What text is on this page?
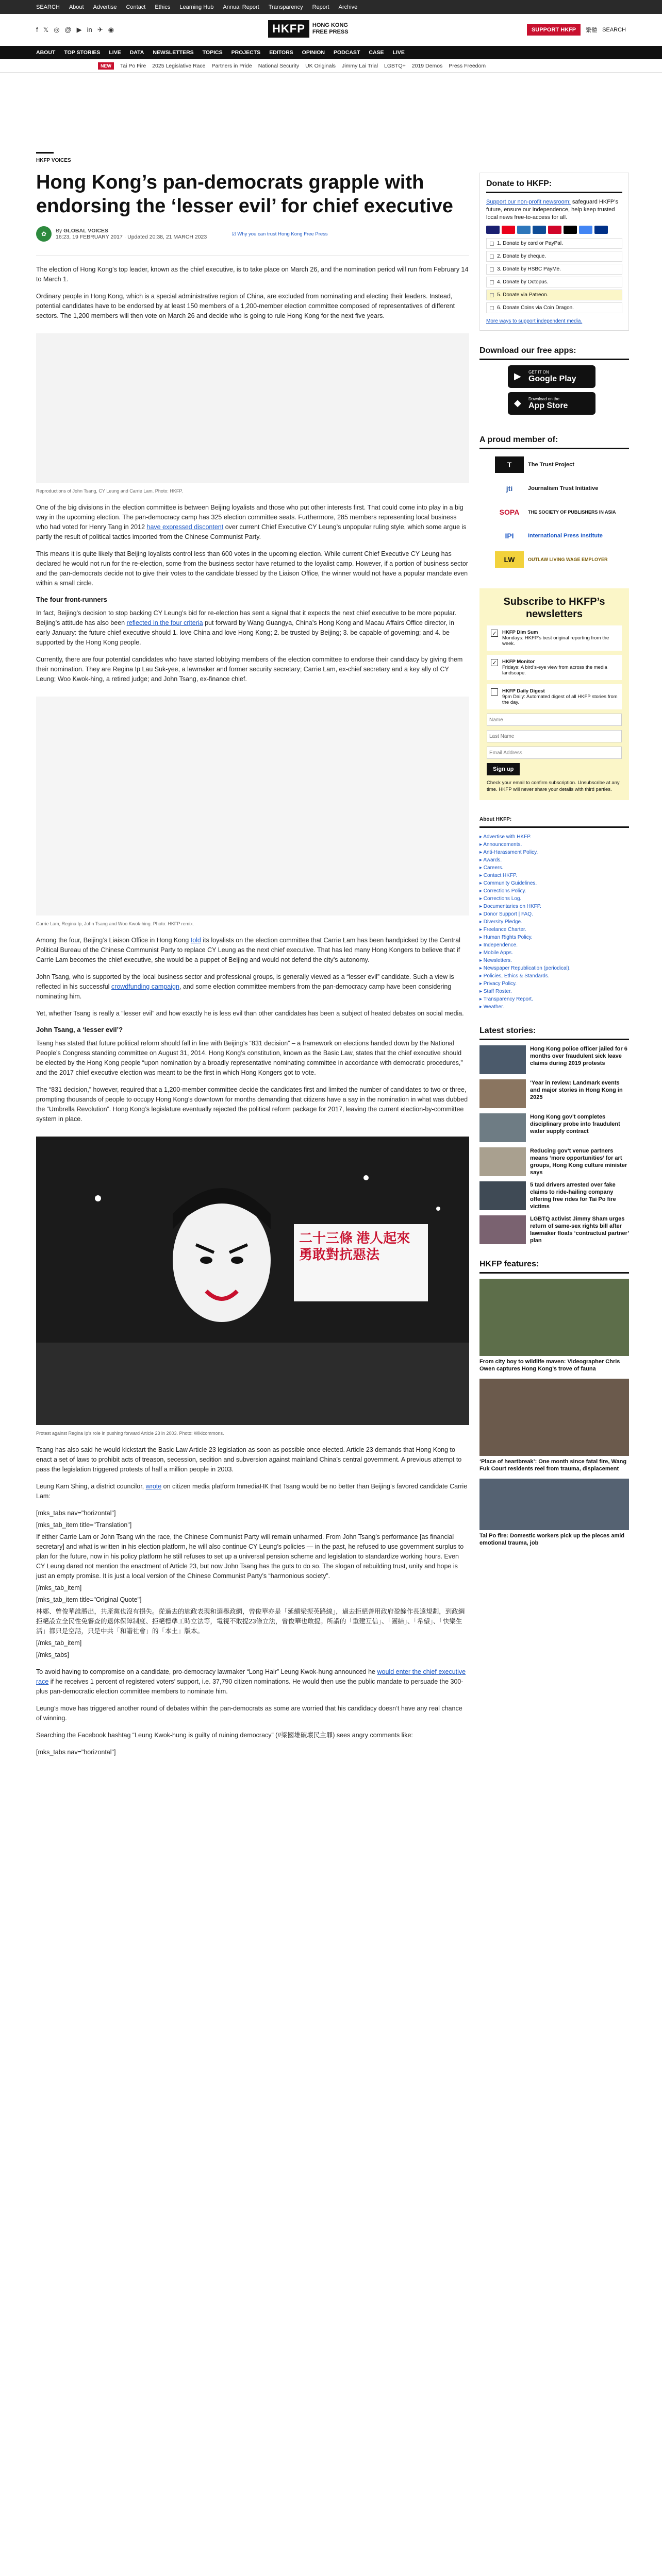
SEARCH About Advertise Contact Ethics Learning Hub Annual Report Transparency Report Archive
f 𝕏 ◎ @ ▶ in ✈ ◉	HKFP	HONG KONG
FREE PRESS	SUPPORT HKFP	繁體 SEARCH
ABOUT TOP STORIES LIVE DATA NEWSLETTERS TOPICS PROJECTS EDITORS OPINION PODCAST CASE LIVE
NEW	Tai Po Fire 2025 Legislative Race Partners in Pride National Security UK Originals Jimmy Lai Trial LGBTQ+ 2019 Demos Press Freedom
HKFP VOICES
Hong Kong’s pan-democrats grapple with endorsing the ‘lesser evil’ for chief executive
✿	By GLOBAL VOICES
16:23, 19 FEBRUARY 2017 · Updated 20:38, 21 MARCH 2023	☑ Why you can trust Hong Kong Free Press

The election of Hong Kong’s top leader, known as the chief executive, is to take place on March 26, and the nomination period will run from February 14 to March 1.

Ordinary people in Hong Kong, which is a special administrative region of China, are excluded from nominating and electing their leaders. Instead, potential candidates have to be endorsed by at least 150 members of a 1,200-member election committee composed of representatives of different sectors. The 1,200 members will then vote on March 26 and decide who is going to rule Hong Kong for the next five years.

Reproductions of John Tsang, CY Leung and Carrie Lam. Photo: HKFP.

One of the big divisions in the election committee is between Beijing loyalists and those who put other interests first. That could come into play in a big way in the upcoming election. The pan-democracy camp has 325 election committee seats. Furthermore, 285 members representing local business who had voted for Henry Tang in 2012 have expressed discontent over current Chief Executive CY Leung’s unpopular ruling style, which some argue is partly the result of political tactics imported from the Chinese Communist Party.

This means it is quite likely that Beijing loyalists control less than 600 votes in the upcoming election. While current Chief Executive CY Leung has declared he would not run for the re-election, some from the business sector have returned to the loyalist camp. However, if a portion of business sector and the pan-democrats decide not to give their votes to the candidate blessed by the Liaison Office, the winner would not have a popular mandate even within a small circle.

The four front-runners

In fact, Beijing’s decision to stop backing CY Leung’s bid for re-election has sent a signal that it expects the next chief executive to be more popular. Beijing’s attitude has also been reflected in the four criteria put forward by Wang Guangya, China’s Hong Kong and Macau Affairs Office director, in early January: the future chief executive should 1. love China and love Hong Kong; 2. be trusted by Beijing; 3. be capable of governing; and 4. be supported by the Hong Kong people.

Currently, there are four potential candidates who have started lobbying members of the election committee to endorse their candidacy by giving them their nomination. They are Regina Ip Lau Suk-yee, a lawmaker and former security secretary; Carrie Lam, ex-chief secretary and a key ally of CY Leung; Woo Kwok-hing, a retired judge; and John Tsang, ex-finance chief.

Carrie Lam, Regina Ip, John Tsang and Woo Kwok-hing. Photo: HKFP remix.

Among the four, Beijing’s Liaison Office in Hong Kong told its loyalists on the election committee that Carrie Lam has been handpicked by the Central Political Bureau of the Chinese Communist Party to replace CY Leung as the next chief executive. That has led many Hong Kongers to believe that if Carrie Lam becomes the chief executive, she would be a puppet of Beijing and would not defend the city’s autonomy.

John Tsang, who is supported by the local business sector and professional groups, is generally viewed as a “lesser evil” candidate. Such a view is reflected in his successful crowdfunding campaign, and some election committee members from the pan-democracy camp have been considering nominating him.

Yet, whether Tsang is really a “lesser evil” and how exactly he is less evil than other candidates has been a subject of heated debates on social media.

John Tsang, a ‘lesser evil’?

Tsang has stated that future political reform should fall in line with Beijing’s “831 decision” – a framework on elections handed down by the National People’s Congress standing committee on August 31, 2014. Hong Kong’s constitution, known as the Basic Law, states that the chief executive should be elected by the Hong Kong people “upon nomination by a broadly representative nominating committee in accordance with democratic procedures,” and the 2017 chief executive election was meant to be the first in which Hong Kongers got to vote.

The “831 decision,” however, required that a 1,200-member committee decide the candidates first and limited the number of candidates to two or three, prompting thousands of people to occupy Hong Kong’s downtown for months demanding that citizens have a say in the nomination in what was dubbed the “Umbrella Revolution”. Hong Kong’s legislature eventually rejected the political reform package for 2017, leaving the current election-by-committee system in place.

Protest against Regina Ip’s role in pushing forward Article 23 in 2003. Photo: Wikicommons.

Tsang has also said he would kickstart the Basic Law Article 23 legislation as soon as possible once elected. Article 23 demands that Hong Kong to enact a set of laws to prohibit acts of treason, secession, sedition and subversion against mainland China’s central government. A previous attempt to pass the legislation triggered protests of half a million people in 2003.

Leung Kam Shing, a district councilor, wrote on citizen media platform InmediaHK that Tsang would be no better than Beijing’s favored candidate Carrie Lam:

[mks_tabs nav="horizontal"]

[mks_tab_item title="Translation"]

If either Carrie Lam or John Tsang win the race, the Chinese Communist Party will remain unharmed. From John Tsang’s performance [as financial secretary] and what is written in his election platform, he will also continue CY Leung’s policies — in the past, he refused to use government surplus to plan for the future, now in his policy platform he still refuses to set up a universal pension scheme and legislation to standardize working hours. Even CY Leung dared not mention the enactment of Article 23, but now John Tsang has the guts to do so. The slogan of rebuilding trust, unity and hope is just an empty promise. It is just a local version of the Chinese Communist Party’s “harmonious society”.

[/mks_tab_item]

[mks_tab_item title="Original Quote"]

林鄭、曾俊華誰勝出，共產黨也沒有損失。從過去的施政表現和選舉政綱，曾俊華亦是「延續梁振英路線」，過去拒絕善用政府盈餘作長遠規劃，到政綱拒絕設立全民性免審查的退休保障制度、拒絕標準工時立法等，電視不敢提23條立法，曾俊華也敢提。所謂的「重建互信」、「團結」、「希望」、「快樂生活」都只是空話，只是中共「和諧社會」的「本土」版本。

[/mks_tab_item]

[/mks_tabs]

To avoid having to compromise on a candidate, pro-democracy lawmaker “Long Hair” Leung Kwok-hung announced he would enter the chief executive race if he receives 1 percent of registered voters’ support, i.e. 37,790 citizen nominations. He would then use the public mandate to persuade the 300-plus pan-democratic election committee members to nominate him.

Leung’s move has triggered another round of debates within the pan-democrats as some are worried that his candidacy doesn’t have any real chance of winning.

Searching the Facebook hashtag “Leung Kwok-hung is guilty of ruining democracy” (#梁國雄破壞民主罪) sees angry comments like:

[mks_tabs nav="horizontal"]

Donate to HKFP:

Support our non-profit newsroom: safeguard HKFP’s future, ensure our independence, help keep trusted local news free-to-access for all.

1. Donate by card or PayPal.
2. Donate by cheque.
3. Donate by HSBC PayMe.
4. Donate by Octopus.
5. Donate via Patreon.
6. Donate Coins via Coin Dragon.
More ways to support independent media.
Download our free apps:
▶ GET IT ON
Google Play
◆ Download on the
App Store
A proud member of:
T	The Trust Project
jti	Journalism Trust Initiative
SOPA	THE SOCIETY OF PUBLISHERS IN ASIA
IPI	International Press Institute
LW	OUTLAW LIVING WAGE EMPLOYER
Subscribe to HKFP’s newsletters
✓ HKFP Dim Sum
Mondays: HKFP’s best original reporting from the week.
✓ HKFP Monitor
Fridays: A bird’s-eye view from across the media landscape.
HKFP Daily Digest
9pm Daily: Automated digest of all HKFP stories from the day.
Name Last Name Email Address Sign up
Check your email to confirm subscription. Unsubscribe at any time. HKFP will never share your details with third parties.
About HKFP:
▸ Advertise with HKFP.
▸ Announcements.
▸ Anti-Harassment Policy.
▸ Awards.
▸ Careers.
▸ Contact HKFP.
▸ Community Guidelines.
▸ Corrections Policy.
▸ Corrections Log.
▸ Documentaries on HKFP.
▸ Donor Support | FAQ.
▸ Diversity Pledge.
▸ Freelance Charter.
▸ Human Rights Policy.
▸ Independence.
▸ Mobile Apps.
▸ Newsletters.
▸ Newspaper Republication (periodical).
▸ Policies, Ethics & Standards.
▸ Privacy Policy.
▸ Staff Roster.
▸ Transparency Report.
▸ Weather.
Latest stories:
Hong Kong police officer jailed for 6 months over fraudulent sick leave claims during 2019 protests
‘Year in review: Landmark events and major stories in Hong Kong in 2025
Hong Kong gov’t completes disciplinary probe into fraudulent water supply contract
Reducing gov’t venue partners means ‘more opportunities’ for art groups, Hong Kong culture minister says
5 taxi drivers arrested over fake claims to ride-hailing company offering free rides for Tai Po fire victims
LGBTQ activist Jimmy Sham urges return of same-sex rights bill after lawmaker floats ‘contractual partner’ plan
HKFP features:
From city boy to wildlife maven: Videographer Chris Owen captures Hong Kong’s trove of fauna
‘Place of heartbreak’: One month since fatal fire, Wang Fuk Court residents reel from trauma, displacement
Tai Po fire: Domestic workers pick up the pieces amid emotional trauma, job
